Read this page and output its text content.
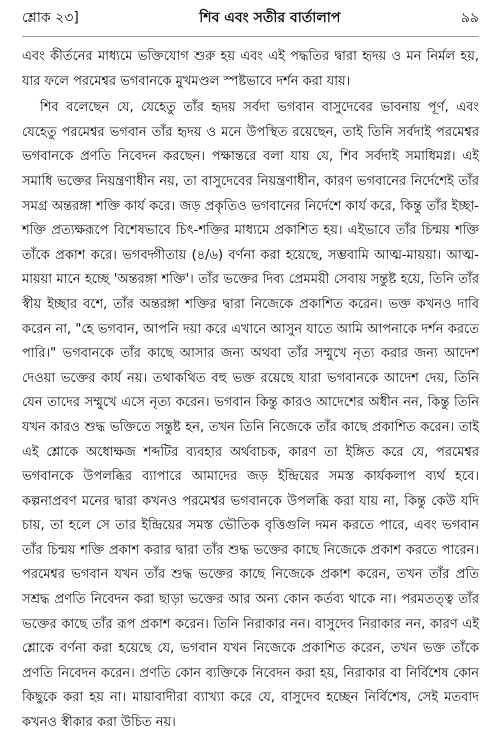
শ্লোক ২৩]	শিব এবং সতীর বার্তালাপ	৯৯

এবং কীর্তনের মাধ্যমে ভক্তিযোগ শুরু হয় এবং এই পদ্ধতির দ্বারা হৃদয় ও মন নির্মল হয়, যার ফলে পরমেশ্বর ভগবানকে মুখমণ্ডল স্পষ্টভাবে দর্শন করা যায়।

শিব বলেছেন যে, যেহেতু তাঁর হৃদয় সর্বদা ভগবান বাসুদেবের ভাবনায় পূর্ণ, এবং যেহেতু পরমেশ্বর ভগবান তাঁর হৃদয় ও মনে উপস্থিত রয়েছেন, তাই তিনি সর্বদাই পরমেশ্বর ভগবানকে প্রণতি নিবেদন করছেন। পক্ষান্তরে বলা যায় যে, শিব সর্বদাই সমাধিমগ্ন। এই সমাধি ভক্তের নিয়ন্ত্রণাধীন নয়, তা বাসুদেবের নিয়ন্ত্রণাধীন, কারণ ভগবানের নির্দেশেই তাঁর সমগ্র অন্তরঙ্গা শক্তি কার্য করে। জড় প্রকৃতিও ভগবানের নির্দেশে কার্য করে, কিন্তু তাঁর ইচ্ছা-শক্তি প্রত্যক্ষরূপে বিশেষভাবে চিৎ-শক্তির মাধ্যমে প্রকাশিত হয়। এইভাবে তাঁর চিন্ময় শক্তি তাঁকে প্রকাশ করে। ভগবদ্গীতায় (৪/৬) বর্ণনা করা হয়েছে, সম্ভবামি আত্ম-মায়য়া। আত্ম-মায়য়া মানে হচ্ছে 'অন্তরঙ্গা শক্তি'। তাঁর ভক্তের দিব্য প্রেমময়ী সেবায় সন্তুষ্ট হয়ে, তিনি তাঁর স্বীয় ইচ্ছার বশে, তাঁর অন্তরঙ্গা শক্তির দ্বারা নিজেকে প্রকাশিত করেন। ভক্ত কখনও দাবি করেন না, "হে ভগবান, আপনি দয়া করে এখানে আসুন যাতে আমি আপনাকে দর্শন করতে পারি।" ভগবানকে তাঁর কাছে আসার জন্য অথবা তাঁর সম্মুখে নৃত্য করার জন্য আদেশ দেওয়া ভক্তের কার্য নয়। তথাকথিত বহু ভক্ত রয়েছে যারা ভগবানকে আদেশ দেয়, তিনি যেন তাদের সম্মুখে এসে নৃত্য করেন। ভগবান কিন্তু কারও আদেশের অধীন নন, কিন্তু তিনি যখন কারও শুদ্ধ ভক্তিতে সন্তুষ্ট হন, তখন তিনি নিজেকে তাঁর কাছে প্রকাশিত করেন। তাই এই শ্লোকে অধোক্ষজ শব্দটির ব্যবহার অর্থবাচক, কারণ তা ইঙ্গিত করে যে, পরমেশ্বর ভগবানকে উপলব্ধির ব্যাপারে আমাদের জড় ইন্দ্রিয়ের সমস্ত কার্যকলাপ ব্যর্থ হবে। কল্পনাপ্রবণ মনের দ্বারা কখনও পরমেশ্বর ভগবানকে উপলব্ধি করা যায় না, কিন্তু কেউ যদি চায়, তা হলে সে তার ইন্দ্রিয়ের সমস্ত ভৌতিক বৃত্তিগুলি দমন করতে পারে, এবং ভগবান তাঁর চিন্ময় শক্তি প্রকাশ করার দ্বারা তাঁর শুদ্ধ ভক্তের কাছে নিজেকে প্রকাশ করতে পারেন। পরমেশ্বর ভগবান যখন তাঁর শুদ্ধ ভক্তের কাছে নিজেকে প্রকাশ করেন, তখন তাঁর প্রতি সশ্রদ্ধ প্রণতি নিবেদন করা ছাড়া ভক্তের আর অন্য কোন কর্তব্য থাকে না। পরমতত্ত্ব তাঁর ভক্তের কাছে তাঁর রূপ প্রকাশ করেন। তিনি নিরাকার নন। বাসুদেব নিরাকার নন, কারণ এই শ্লোকে বর্ণনা করা হয়েছে যে, ভগবান যখন নিজেকে প্রকাশিত করেন, তখন ভক্ত তাঁকে প্রণতি নিবেদন করেন। প্রণতি কোন ব্যক্তিকে নিবেদন করা হয়, নিরাকার বা নির্বিশেষ কোন কিছুকে করা হয় না। মায়াবাদীরা ব্যাখ্যা করে যে, বাসুদেব হচ্ছেন নির্বিশেষ, সেই মতবাদ কখনও স্বীকার করা উচিত নয়।
